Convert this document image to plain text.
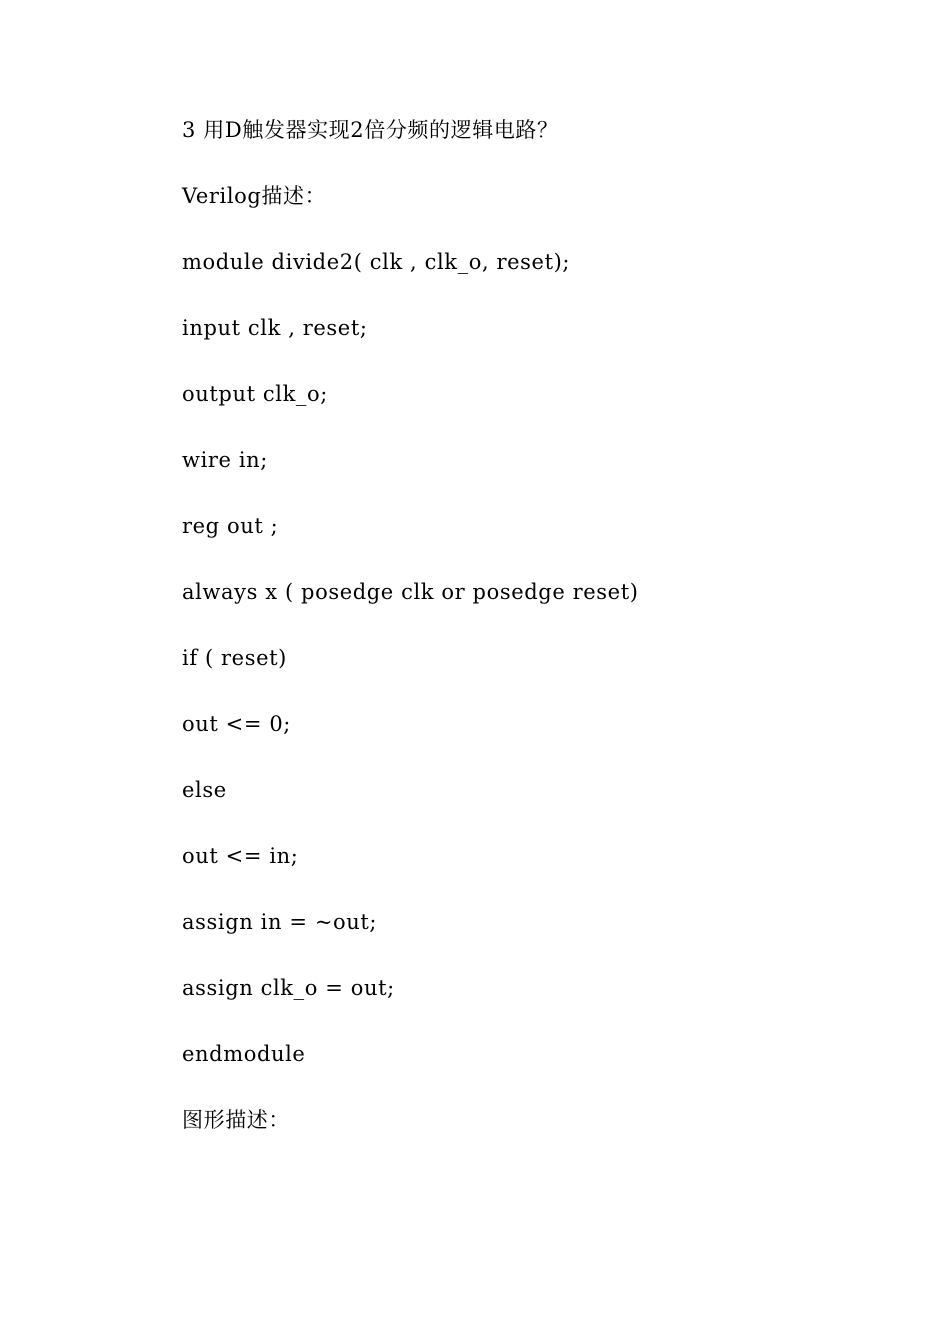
3 用D触发器实现2倍分频的逻辑电路？

Verilog描述：

module divide2( clk , clk_o, reset);

input clk , reset;

output clk_o;

wire in;

reg out ;

always x ( posedge clk or posedge reset)

if ( reset)

out <= 0;

else

out <= in;

assign in = ~out;

assign clk_o = out;

endmodule

图形描述：
